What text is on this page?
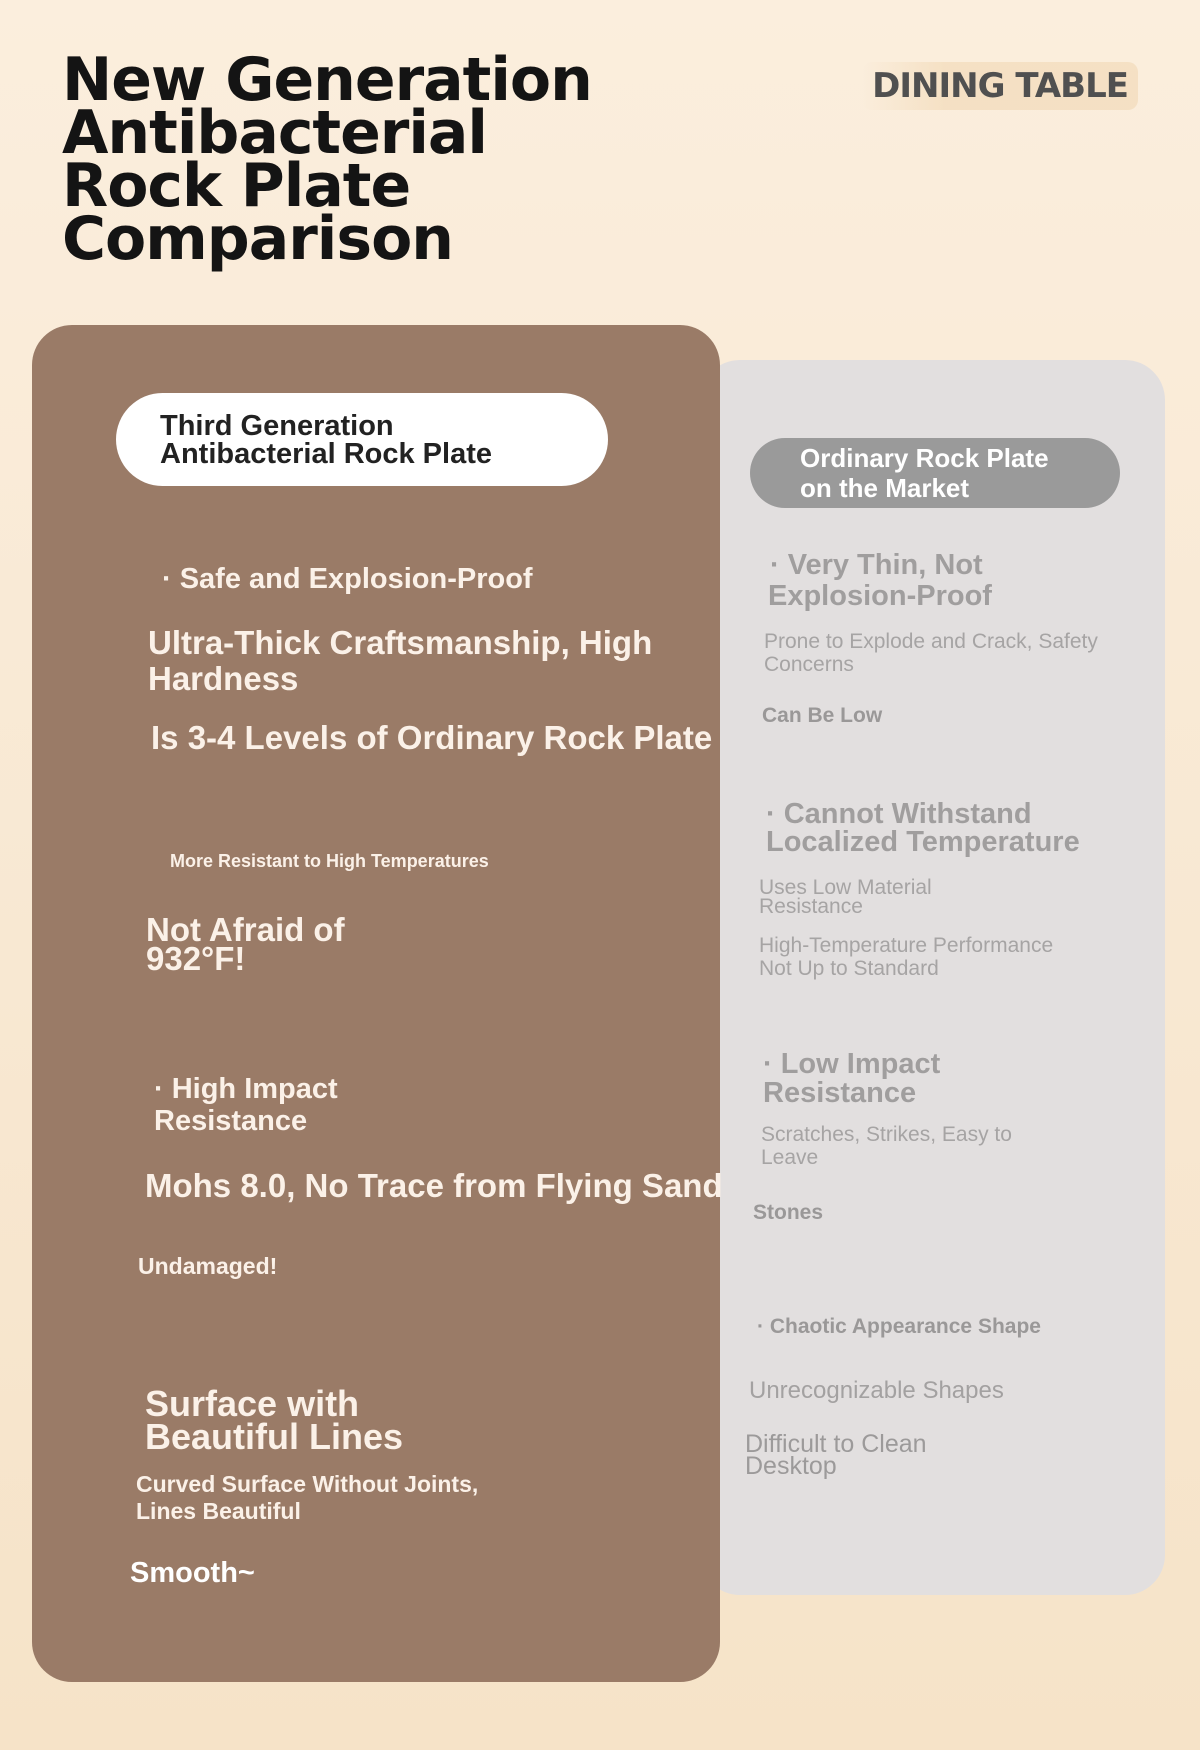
New Generation
Antibacterial
Rock Plate
Comparison
DINING TABLE
Ordinary Rock Plate
on the Market
· Very Thin, Not
Explosion-Proof
Prone to Explode and Crack, Safety
Concerns
Can Be Low
· Cannot Withstand
Localized Temperature
Uses Low Material
Resistance
High-Temperature Performance
Not Up to Standard
· Low Impact
Resistance
Scratches, Strikes, Easy to
Leave
Stones
· Chaotic Appearance Shape
Unrecognizable Shapes
Difficult to Clean
Desktop
Third Generation
Antibacterial Rock Plate
· Safe and Explosion-Proof
Ultra-Thick Craftsmanship, High
Hardness
Is 3-4 Levels of Ordinary Rock Plate
More Resistant to High Temperatures
Not Afraid of
932°F!
· High Impact
Resistance
Mohs 8.0, No Trace from Flying Sand
Undamaged!
Surface with
Beautiful Lines
Curved Surface Without Joints,
Lines Beautiful
Smooth~
